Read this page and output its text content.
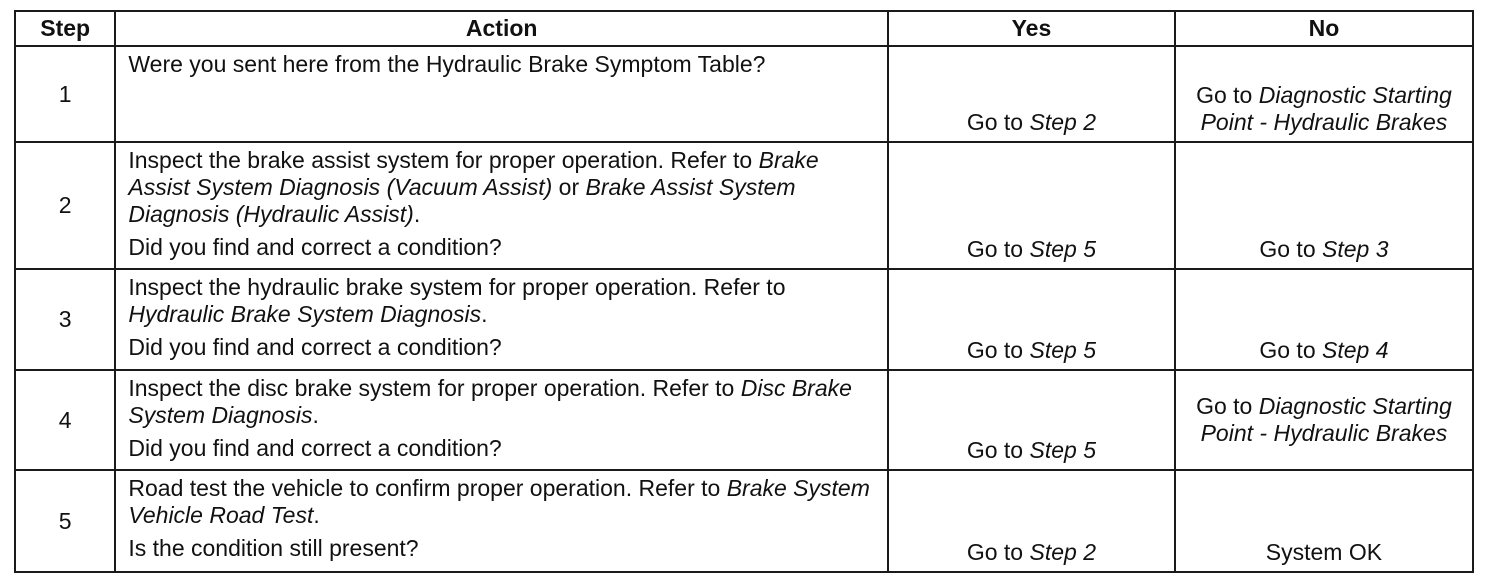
Step	Action	Yes	No
1	Were you sent here from the Hydraulic Brake Symptom Table?	Go to Step 2	Go to Diagnostic Starting Point - Hydraulic Brakes
2	Inspect the brake assist system for proper operation. Refer to Brake Assist System Diagnosis (Vacuum Assist) or Brake Assist System Diagnosis (Hydraulic Assist).
Did you find and correct a condition?	Go to Step 5	Go to Step 3
3	Inspect the hydraulic brake system for proper operation. Refer to Hydraulic Brake System Diagnosis.
Did you find and correct a condition?	Go to Step 5	Go to Step 4
4	Inspect the disc brake system for proper operation. Refer to Disc Brake System Diagnosis.
Did you find and correct a condition?	Go to Step 5	Go to Diagnostic Starting Point - Hydraulic Brakes
5	Road test the vehicle to confirm proper operation. Refer to Brake System Vehicle Road Test.
Is the condition still present?	Go to Step 2	System OK
